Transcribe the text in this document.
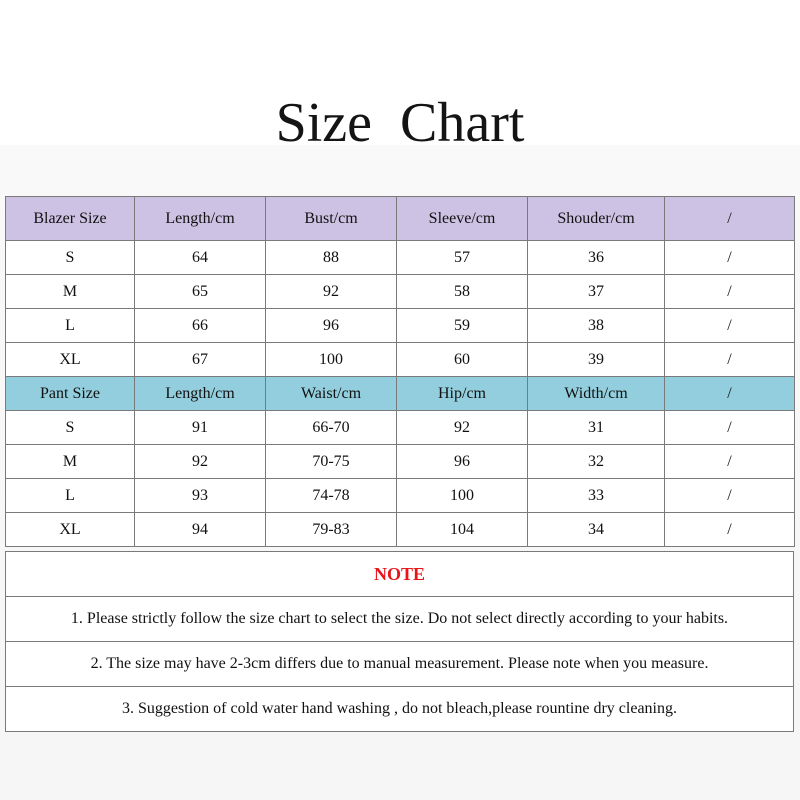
Size Chart
Blazer Size	Length/cm	Bust/cm	Sleeve/cm	Shouder/cm	/
S	64	88	57	36	/
M	65	92	58	37	/
L	66	96	59	38	/
XL	67	100	60	39	/
Pant Size	Length/cm	Waist/cm	Hip/cm	Width/cm	/
S	91	66-70	92	31	/
M	92	70-75	96	32	/
L	93	74-78	100	33	/
XL	94	79-83	104	34	/
NOTE
1. Please strictly follow the size chart to select the size. Do not select directly according to your habits.
2. The size may have 2-3cm differs due to manual measurement. Please note when you measure.
3. Suggestion of cold water hand washing , do not bleach,please rountine dry cleaning.
